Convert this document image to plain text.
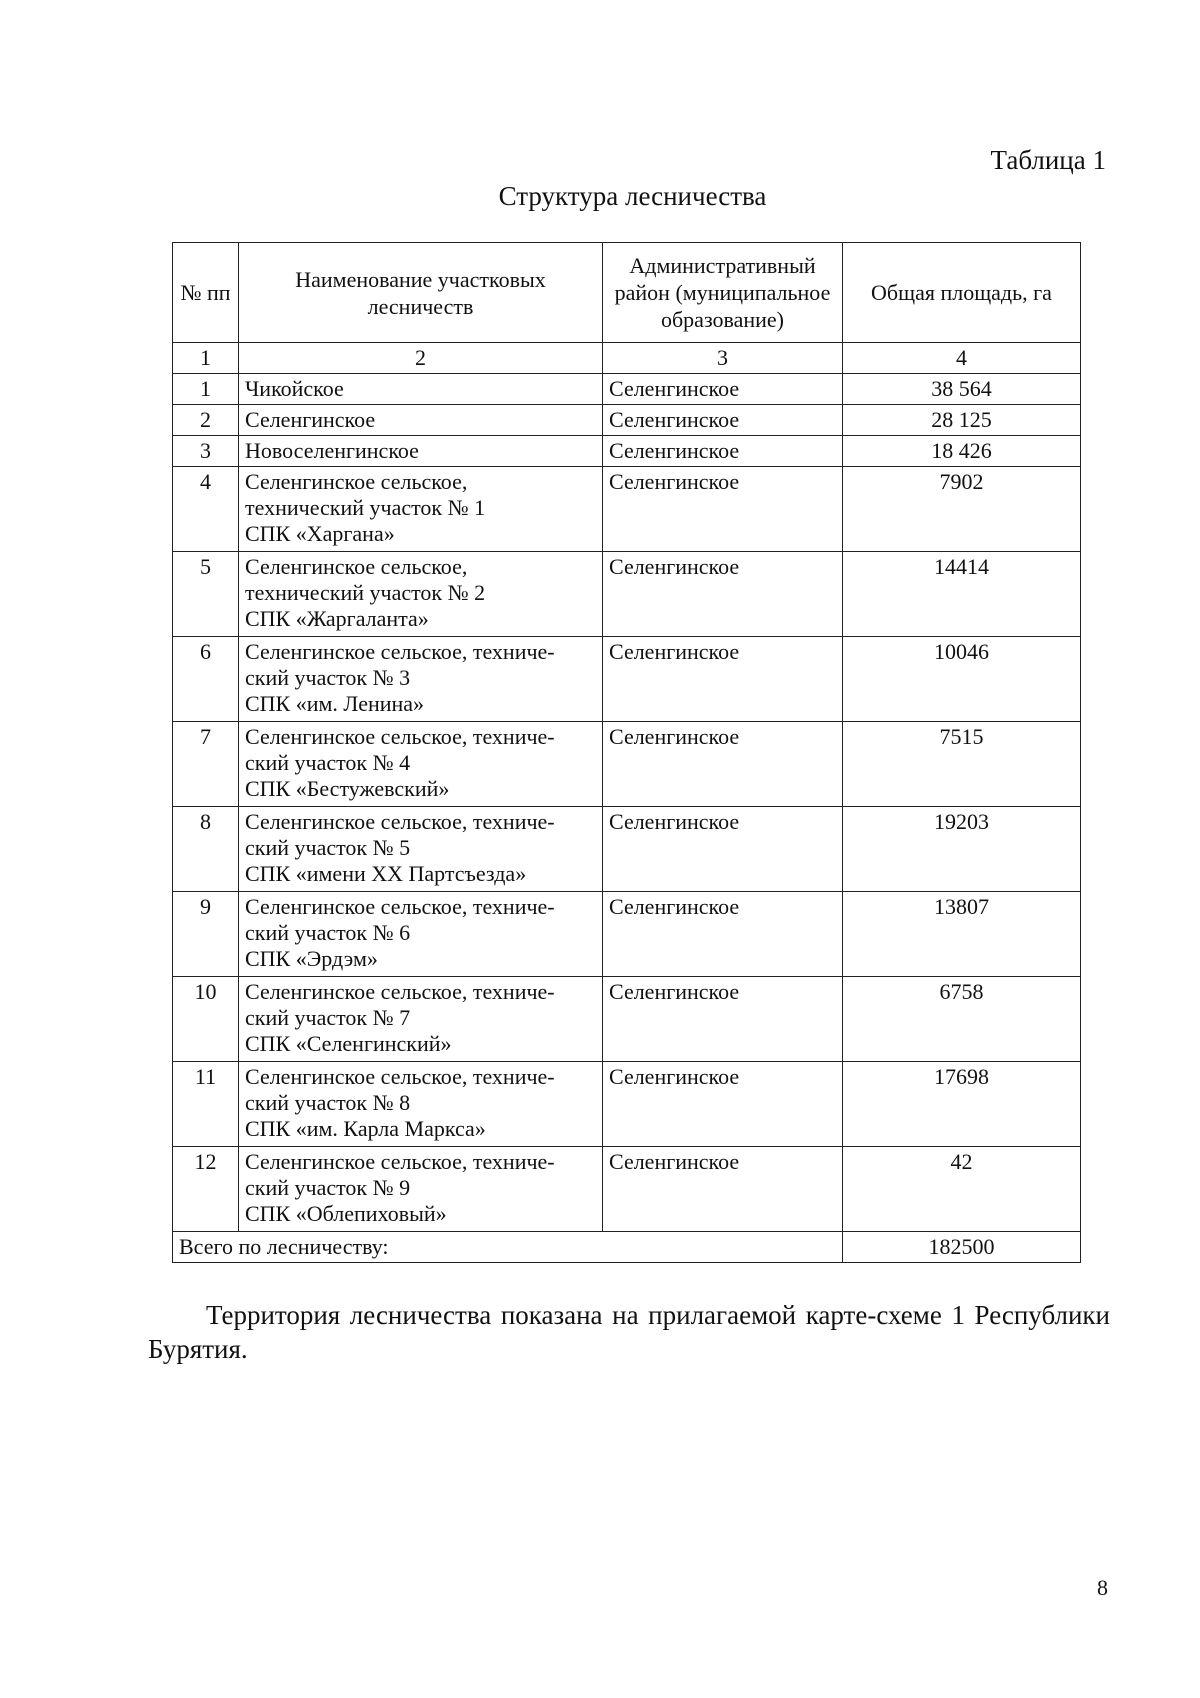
Таблица 1
Структура лесничества
№ пп	Наименование участковых лесничеств	Административный район (муниципальное образование)	Общая площадь, га
1	2	3	4
1	Чикойское	Селенгинское	38 564
2	Селенгинское	Селенгинское	28 125
3	Новоселенгинское	Селенгинское	18 426
4	Селенгинское сельское,
технический участок № 1
СПК «Харгана»	Селенгинское	7902
5	Селенгинское сельское,
технический участок № 2
СПК «Жаргаланта»	Селенгинское	14414
6	Селенгинское сельское, техниче-
ский участок № 3
СПК «им. Ленина»	Селенгинское	10046
7	Селенгинское сельское, техниче-
ский участок № 4
СПК «Бестужевский»	Селенгинское	7515
8	Селенгинское сельское, техниче-
ский участок № 5
СПК «имени XX Партсъезда»	Селенгинское	19203
9	Селенгинское сельское, техниче-
ский участок № 6
СПК «Эрдэм»	Селенгинское	13807
10	Селенгинское сельское, техниче-
ский участок № 7
СПК «Селенгинский»	Селенгинское	6758
11	Селенгинское сельское, техниче-
ский участок № 8
СПК «им. Карла Маркса»	Селенгинское	17698
12	Селенгинское сельское, техниче-
ский участок № 9
СПК «Облепиховый»	Селенгинское	42
Всего по лесничеству:			182500
Территория лесничества показана на прилагаемой карте-схеме 1 Республики Бурятия.
8
